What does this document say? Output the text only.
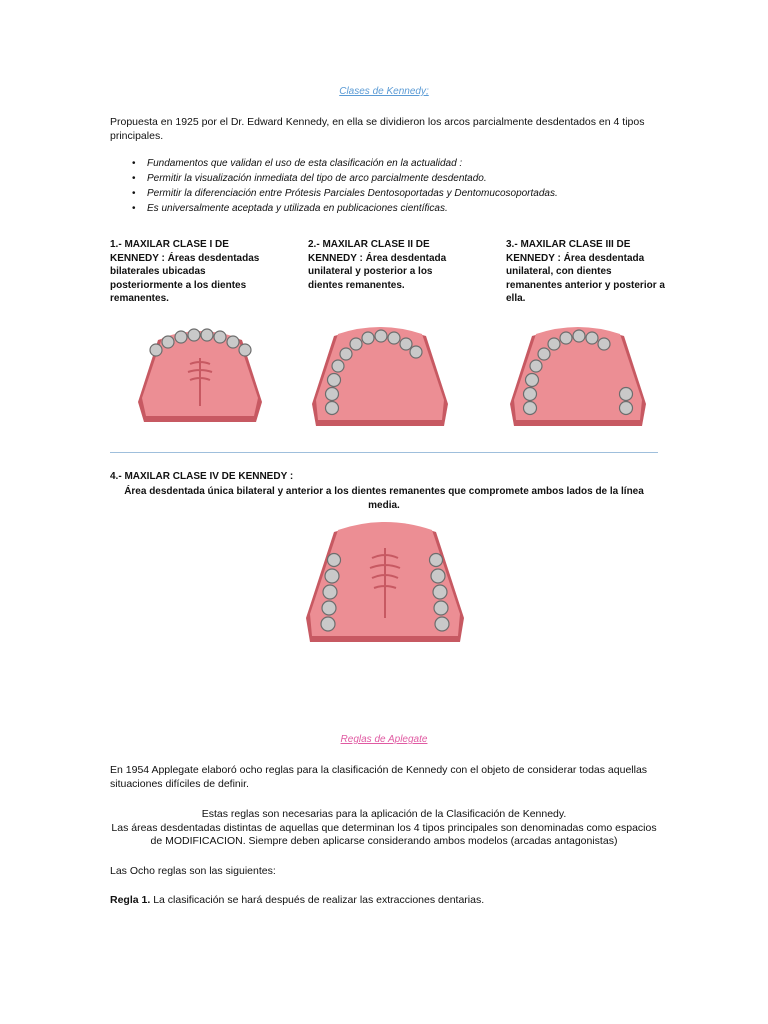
Clases de Kennedy;
Propuesta en 1925 por el Dr. Edward Kennedy, en ella se dividieron los arcos parcialmente desdentados en 4 tipos principales.
• Fundamentos que validan el uso de esta clasificación en la actualidad :
• Permitir la visualización inmediata del tipo de arco parcialmente desdentado.
• Permitir la diferenciación entre Prótesis Parciales Dentosoportadas y Dentomucosoportadas.
• Es universalmente aceptada y utilizada en publicaciones científicas.
1.- MAXILAR CLASE I DE KENNEDY : Áreas desdentadas bilaterales ubicadas posteriormente a los dientes remanentes.
2.- MAXILAR CLASE II DE KENNEDY : Área desdentada unilateral y posterior a los dientes remanentes.
3.- MAXILAR CLASE III DE KENNEDY : Área desdentada unilateral, con dientes remanentes anterior y posterior a ella.
4.- MAXILAR CLASE IV DE KENNEDY :
Área desdentada única bilateral y anterior a los dientes remanentes que compromete ambos lados de la línea media.
Reglas de Aplegate
En 1954 Applegate elaboró ocho reglas para la clasificación de Kennedy con el objeto de considerar todas aquellas situaciones difíciles de definir.
Estas reglas son necesarias para la aplicación de la Clasificación de Kennedy.
Las áreas desdentadas distintas de aquellas que determinan los 4 tipos principales son denominadas como espacios de MODIFICACION. Siempre deben aplicarse considerando ambos modelos (arcadas antagonistas)
Las Ocho reglas son las siguientes:
Regla 1. La clasificación se hará después de realizar las extracciones dentarias.
